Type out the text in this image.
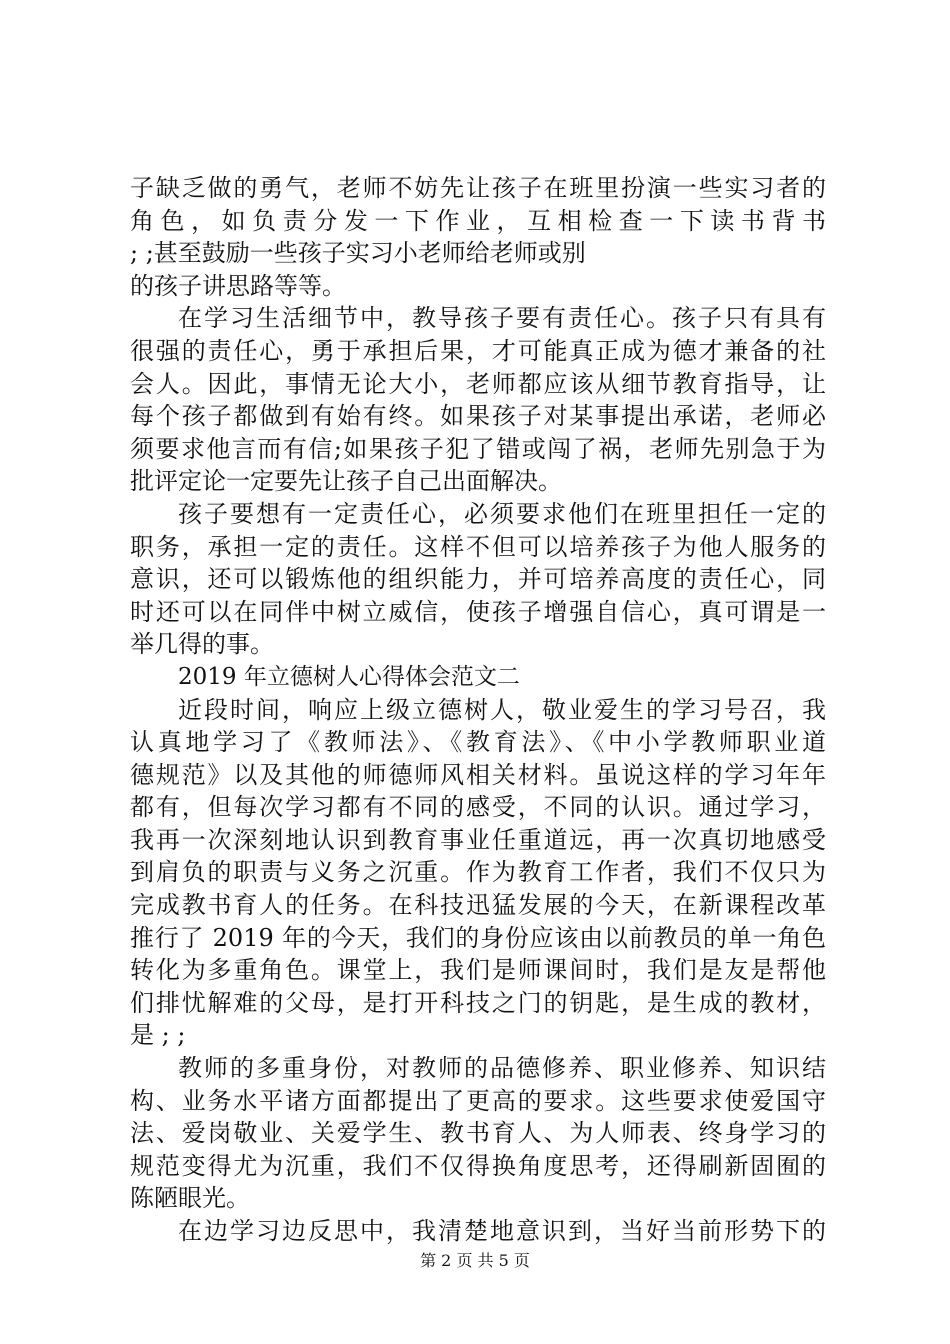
子缺乏做的勇气，老师不妨先让孩子在班里扮演一些实习者的
角色，如负责分发一下作业，互相检查一下读书背书
; ;甚至鼓励一些孩子实习小老师给老师或别
的孩子讲思路等等。
在学习生活细节中，教导孩子要有责任心。孩子只有具有
很强的责任心，勇于承担后果，才可能真正成为德才兼备的社
会人。因此，事情无论大小，老师都应该从细节教育指导，让
每个孩子都做到有始有终。如果孩子对某事提出承诺，老师必
须要求他言而有信;如果孩子犯了错或闯了祸，老师先别急于为
批评定论一定要先让孩子自己出面解决。
孩子要想有一定责任心，必须要求他们在班里担任一定的
职务，承担一定的责任。这样不但可以培养孩子为他人服务的
意识，还可以锻炼他的组织能力，并可培养高度的责任心，同
时还可以在同伴中树立威信，使孩子增强自信心，真可谓是一
举几得的事。
2019 年立德树人心得体会范文二
近段时间，响应上级立德树人，敬业爱生的学习号召，我
认真地学习了《教师法》、《教育法》、《中小学教师职业道
德规范》以及其他的师德师风相关材料。虽说这样的学习年年
都有，但每次学习都有不同的感受，不同的认识。通过学习，
我再一次深刻地认识到教育事业任重道远，再一次真切地感受
到肩负的职责与义务之沉重。作为教育工作者，我们不仅只为
完成教书育人的任务。在科技迅猛发展的今天，在新课程改革
推行了 2019 年的今天，我们的身份应该由以前教员的单一角色
转化为多重角色。课堂上，我们是师课间时，我们是友是帮他
们排忧解难的父母，是打开科技之门的钥匙，是生成的教材，
是 ; ;
教师的多重身份，对教师的品德修养、职业修养、知识结
构、业务水平诸方面都提出了更高的要求。这些要求使爱国守
法、爱岗敬业、关爱学生、教书育人、为人师表、终身学习的
规范变得尤为沉重，我们不仅得换角度思考，还得刷新固囿的
陈陋眼光。
在边学习边反思中，我清楚地意识到，当好当前形势下的
第 2 页 共 5 页
